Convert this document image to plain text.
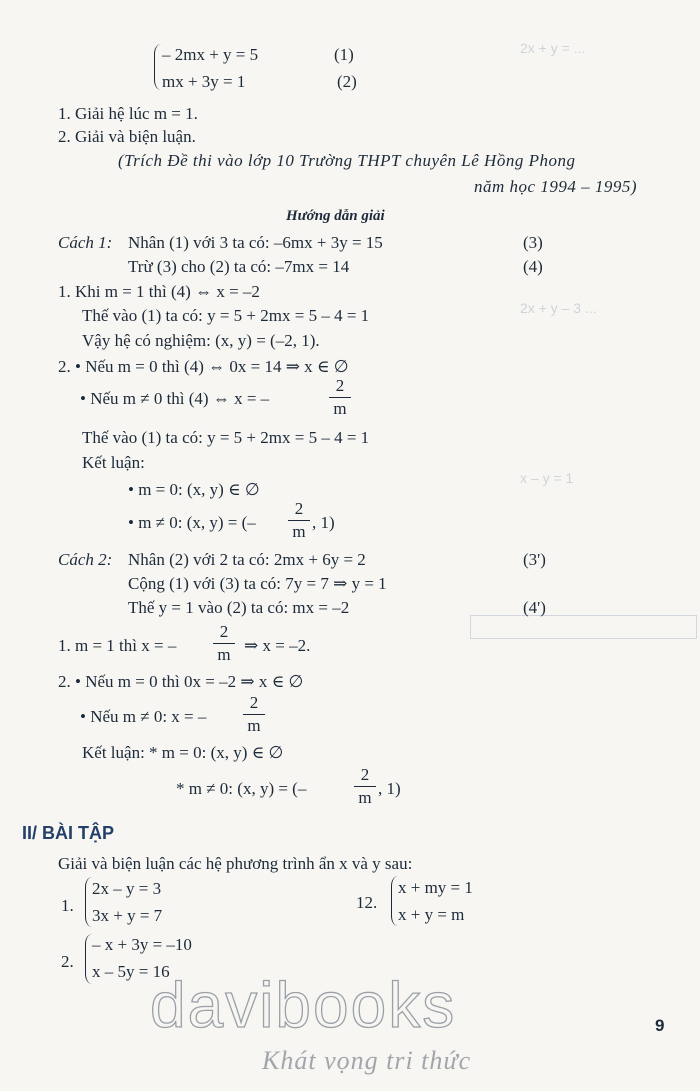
2x + y = ...
2x + y – 3 ...
x – y = 1
– 2mx + y = 5	(1)
mx + 3y = 1	(2)
1. Giải hệ lúc m = 1.
2. Giải và biện luận.
(Trích Đề thi vào lớp 10 Trường THPT chuyên Lê Hồng Phong
năm học 1994 – 1995)
Hướng dẫn giải
Cách 1: Nhân (1) với 3 ta có: –6mx + 3y = 15	(3)
Trừ (3) cho (2) ta có: –7mx = 14	(4)
1. Khi m = 1 thì (4) ⇔ x = –2
Thế vào (1) ta có: y = 5 + 2mx = 5 – 4 = 1
Vậy hệ có nghiệm: (x, y) = (–2, 1).
2. • Nếu m = 0 thì (4) ⇔ 0x = 14 ⇒ x ∈ ∅
• Nếu m ≠ 0 thì (4) ⇔ x = –
2
m
Thế vào (1) ta có: y = 5 + 2mx = 5 – 4 = 1
Kết luận:
• m = 0: (x, y) ∈ ∅
• m ≠ 0: (x, y) = (–
2
m , 1)
Cách 2: Nhân (2) với 2 ta có: 2mx + 6y = 2	(3')
Cộng (1) với (3) ta có: 7y = 7 ⇒ y = 1
Thế y = 1 vào (2) ta có: mx = –2	(4')
1. m = 1 thì x = –
2
m ⇒ x = –2.
2. • Nếu m = 0 thì 0x = –2 ⇒ x ∈ ∅
• Nếu m ≠ 0: x = –
2
m
Kết luận: * m = 0: (x, y) ∈ ∅
* m ≠ 0: (x, y) = (–
2
m , 1)
II/ BÀI TẬP
Giải và biện luận các hệ phương trình ẩn x và y sau:
1.
2x – y = 3
3x + y = 7
12.
x + my = 1
x + y = m
2.
– x + 3y = –10
x – 5y = 16
9
davibooks
Khát vọng tri thức
